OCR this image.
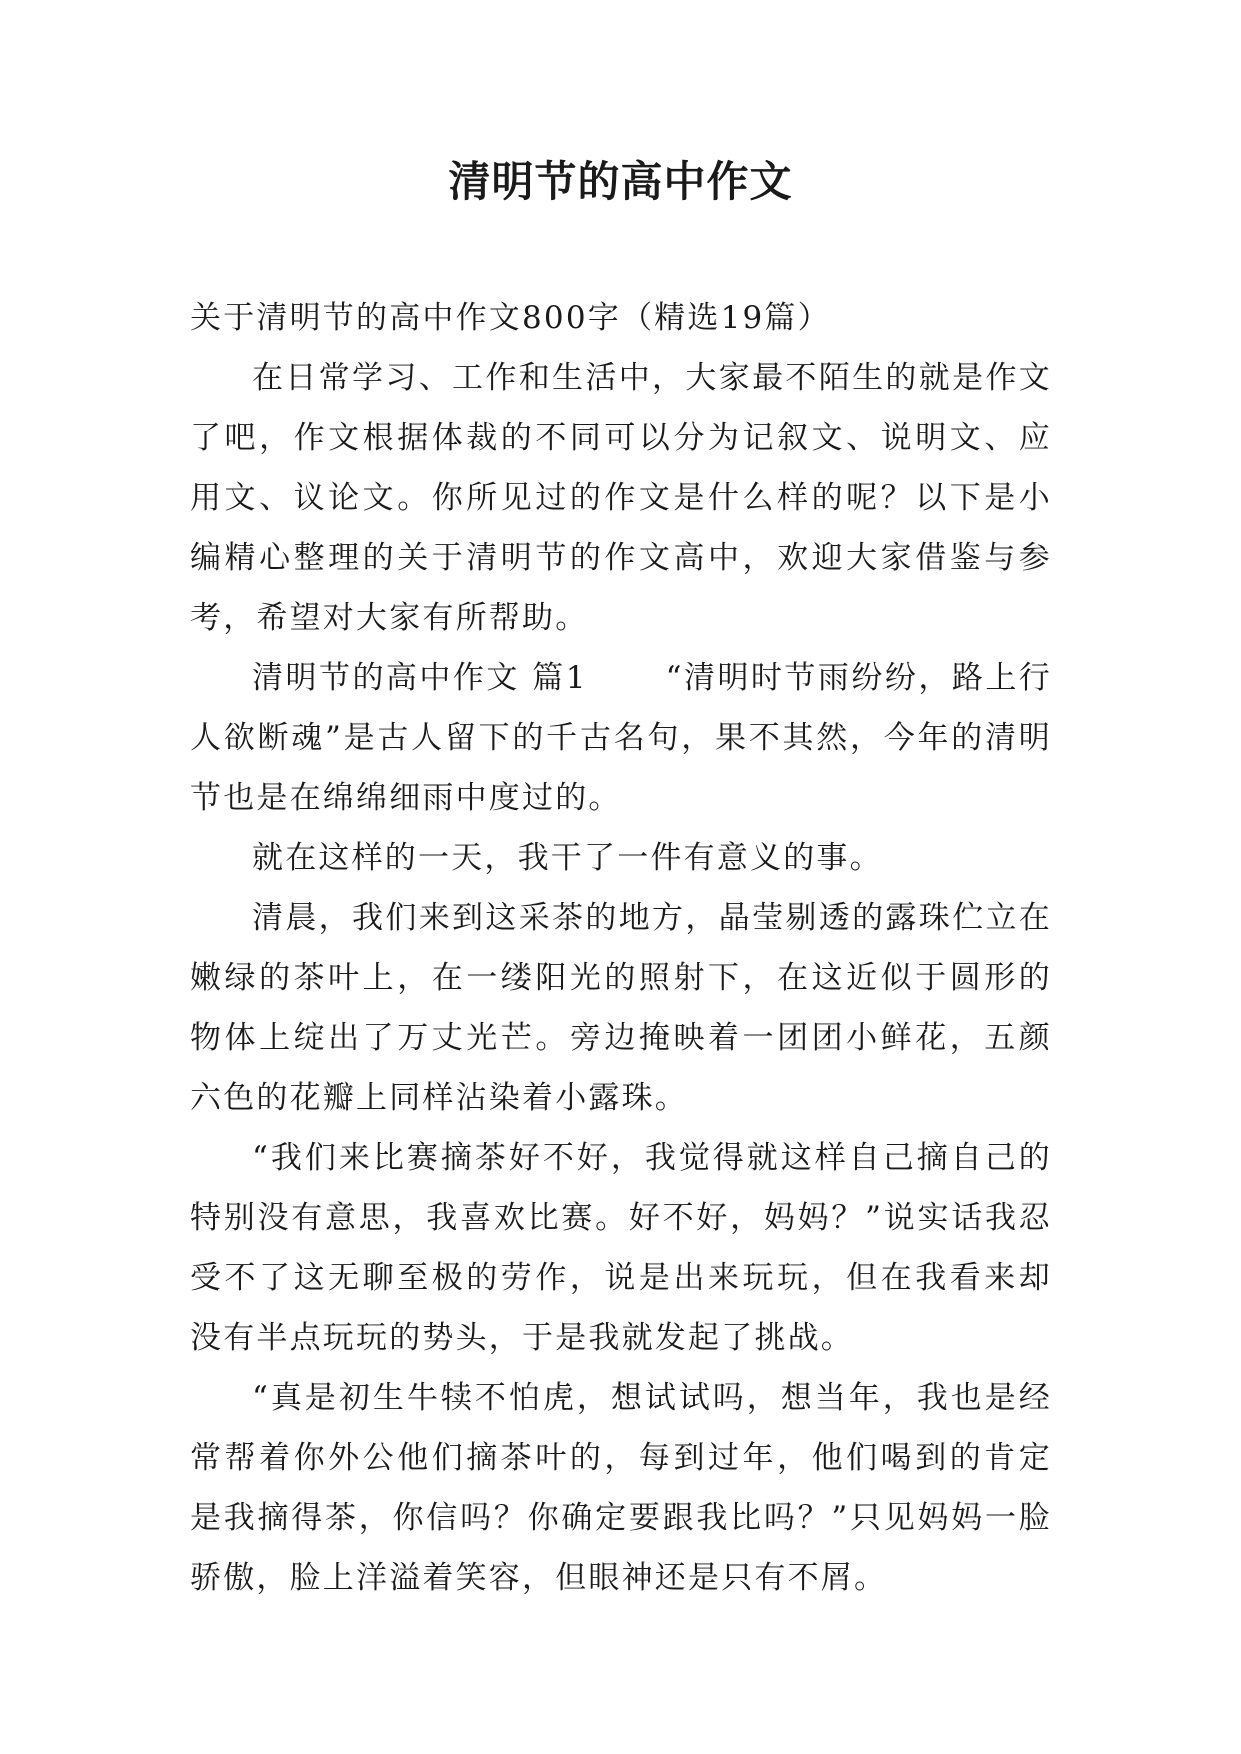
清明节的高中作文

关于清明节的高中作文800字（精选19篇）

在日常学习、工作和生活中，大家最不陌生的就是作文了吧，作文根据体裁的不同可以分为记叙文、说明文、应用文、议论文。你所见过的作文是什么样的呢？以下是小编精心整理的关于清明节的作文高中，欢迎大家借鉴与参考，希望对大家有所帮助。

清明节的高中作文 篇1	“清明时节雨纷纷，路上行人欲断魂”是古人留下的千古名句，果不其然，今年的清明节也是在绵绵细雨中度过的。

就在这样的一天，我干了一件有意义的事。

清晨，我们来到这采茶的地方，晶莹剔透的露珠伫立在嫩绿的茶叶上，在一缕阳光的照射下，在这近似于圆形的物体上绽出了万丈光芒。旁边掩映着一团团小鲜花，五颜六色的花瓣上同样沾染着小露珠。

“我们来比赛摘茶好不好，我觉得就这样自己摘自己的特别没有意思，我喜欢比赛。好不好，妈妈？”说实话我忍受不了这无聊至极的劳作，说是出来玩玩，但在我看来却没有半点玩玩的势头，于是我就发起了挑战。

“真是初生牛犊不怕虎，想试试吗，想当年，我也是经常帮着你外公他们摘茶叶的，每到过年，他们喝到的肯定是我摘得茶，你信吗？你确定要跟我比吗？”只见妈妈一脸骄傲，脸上洋溢着笑容，但眼神还是只有不屑。
